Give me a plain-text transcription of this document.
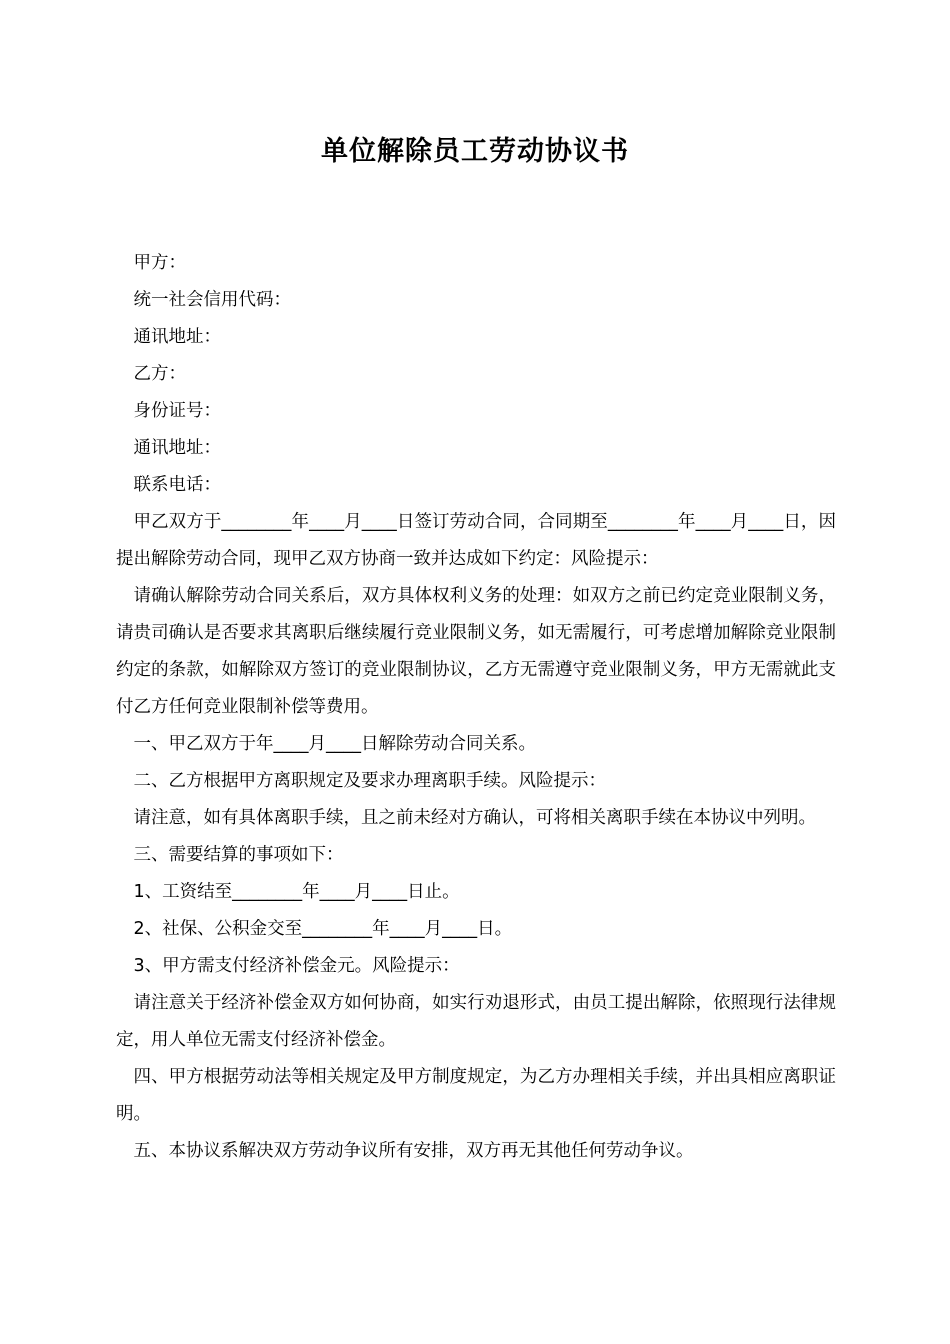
单位解除员工劳动协议书

甲方：

统一社会信用代码：

通讯地址：

乙方：

身份证号：

通讯地址：

联系电话：

甲乙双方于________年____月____日签订劳动合同，合同期至________年____月____日，因提出解除劳动合同，现甲乙双方协商一致并达成如下约定：风险提示：

请确认解除劳动合同关系后，双方具体权利义务的处理：如双方之前已约定竞业限制义务，请贵司确认是否要求其离职后继续履行竞业限制义务，如无需履行，可考虑增加解除竞业限制约定的条款，如解除双方签订的竞业限制协议，乙方无需遵守竞业限制义务，甲方无需就此支付乙方任何竞业限制补偿等费用。

一、甲乙双方于年____月____日解除劳动合同关系。

二、乙方根据甲方离职规定及要求办理离职手续。风险提示：

请注意，如有具体离职手续，且之前未经对方确认，可将相关离职手续在本协议中列明。

三、需要结算的事项如下：

1、工资结至________年____月____日止。

2、社保、公积金交至________年____月____日。

3、甲方需支付经济补偿金元。风险提示：

请注意关于经济补偿金双方如何协商，如实行劝退形式，由员工提出解除，依照现行法律规定，用人单位无需支付经济补偿金。

四、甲方根据劳动法等相关规定及甲方制度规定，为乙方办理相关手续，并出具相应离职证明。

五、本协议系解决双方劳动争议所有安排，双方再无其他任何劳动争议。
